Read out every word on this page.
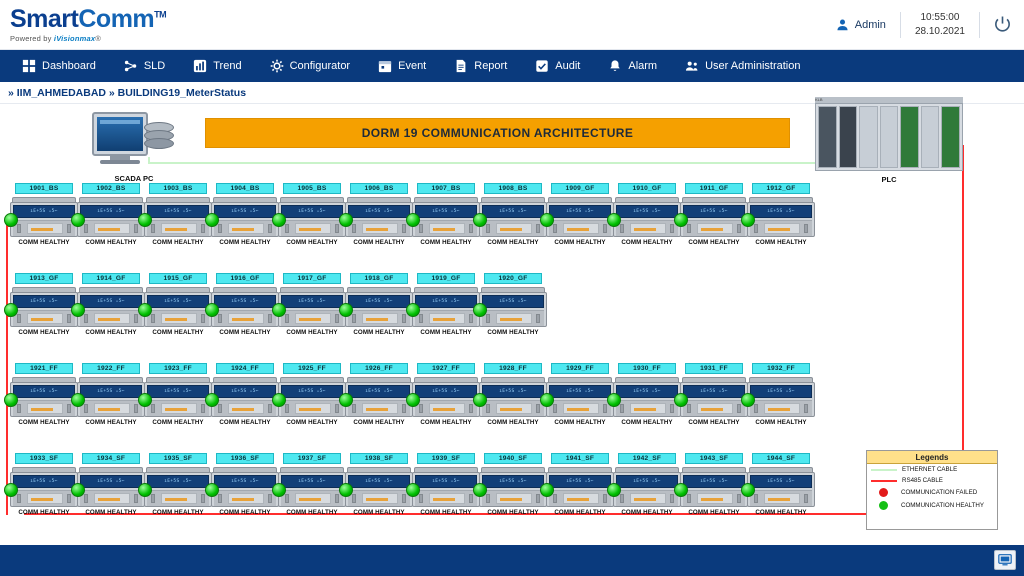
SmartComm™
Powered by iVisionmax®
Admin
10:55:00
28.10.2021
Dashboard	SLD	Trend	Configurator	Event	Report	Audit	Alarm	User Administration
» IIM_AHMEDABAD » BUILDING19_MeterStatus
DORM 19 COMMUNICATION ARCHITECTURE
SCADA PC
KLB
PLC
1901_BS
ıE+5S ₒ5⌐
COMM HEALTHY
1902_BS
ıE+5S ₒ5⌐
COMM HEALTHY
1903_BS
ıE+5S ₒ5⌐
COMM HEALTHY
1904_BS
ıE+5S ₒ5⌐
COMM HEALTHY
1905_BS
ıE+5S ₒ5⌐
COMM HEALTHY
1906_BS
ıE+5S ₒ5⌐
COMM HEALTHY
1907_BS
ıE+5S ₒ5⌐
COMM HEALTHY
1908_BS
ıE+5S ₒ5⌐
COMM HEALTHY
1909_GF
ıE+5S ₒ5⌐
COMM HEALTHY
1910_GF
ıE+5S ₒ5⌐
COMM HEALTHY
1911_GF
ıE+5S ₒ5⌐
COMM HEALTHY
1912_GF
ıE+5S ₒ5⌐
COMM HEALTHY
1913_GF
ıE+5S ₒ5⌐
COMM HEALTHY
1914_GF
ıE+5S ₒ5⌐
COMM HEALTHY
1915_GF
ıE+5S ₒ5⌐
COMM HEALTHY
1916_GF
ıE+5S ₒ5⌐
COMM HEALTHY
1917_GF
ıE+5S ₒ5⌐
COMM HEALTHY
1918_GF
ıE+5S ₒ5⌐
COMM HEALTHY
1919_GF
ıE+5S ₒ5⌐
COMM HEALTHY
1920_GF
ıE+5S ₒ5⌐
COMM HEALTHY
1921_FF
ıE+5S ₒ5⌐
COMM HEALTHY
1922_FF
ıE+5S ₒ5⌐
COMM HEALTHY
1923_FF
ıE+5S ₒ5⌐
COMM HEALTHY
1924_FF
ıE+5S ₒ5⌐
COMM HEALTHY
1925_FF
ıE+5S ₒ5⌐
COMM HEALTHY
1926_FF
ıE+5S ₒ5⌐
COMM HEALTHY
1927_FF
ıE+5S ₒ5⌐
COMM HEALTHY
1928_FF
ıE+5S ₒ5⌐
COMM HEALTHY
1929_FF
ıE+5S ₒ5⌐
COMM HEALTHY
1930_FF
ıE+5S ₒ5⌐
COMM HEALTHY
1931_FF
ıE+5S ₒ5⌐
COMM HEALTHY
1932_FF
ıE+5S ₒ5⌐
COMM HEALTHY
1933_SF
ıE+5S ₒ5⌐
COMM HEALTHY
1934_SF
ıE+5S ₒ5⌐
COMM HEALTHY
1935_SF
ıE+5S ₒ5⌐
COMM HEALTHY
1936_SF
ıE+5S ₒ5⌐
COMM HEALTHY
1937_SF
ıE+5S ₒ5⌐
COMM HEALTHY
1938_SF
ıE+5S ₒ5⌐
COMM HEALTHY
1939_SF
ıE+5S ₒ5⌐
COMM HEALTHY
1940_SF
ıE+5S ₒ5⌐
COMM HEALTHY
1941_SF
ıE+5S ₒ5⌐
COMM HEALTHY
1942_SF
ıE+5S ₒ5⌐
COMM HEALTHY
1943_SF
ıE+5S ₒ5⌐
COMM HEALTHY
1944_SF
ıE+5S ₒ5⌐
COMM HEALTHY
Legends
ETHERNET CABLE
RS485 CABLE
COMMUNICATION FAILED
COMMUNICATION HEALTHY
